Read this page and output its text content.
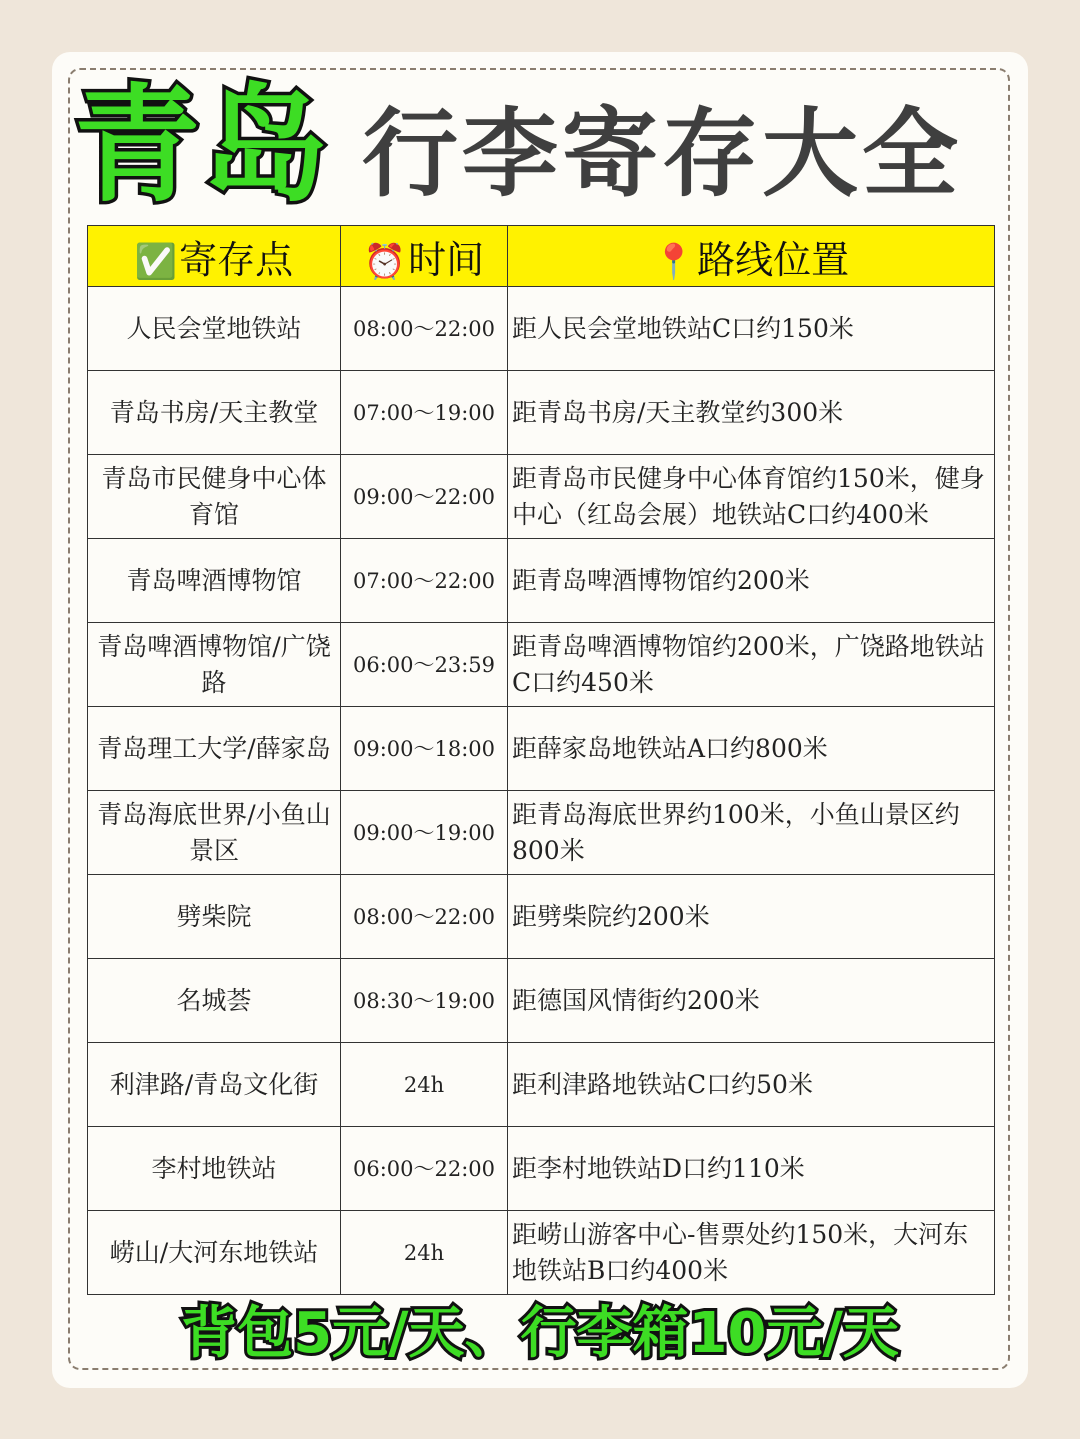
青岛 行李寄存大全
✅寄存点	⏰时间	📍路线位置
人民会堂地铁站	08:00～22:00	距人民会堂地铁站C口约150米
青岛书房/天主教堂	07:00～19:00	距青岛书房/天主教堂约300米
青岛市民健身中心体育馆	09:00～22:00	距青岛市民健身中心体育馆约150米，健身中心（红岛会展）地铁站C口约400米
青岛啤酒博物馆	07:00～22:00	距青岛啤酒博物馆约200米
青岛啤酒博物馆/广饶路	06:00～23:59	距青岛啤酒博物馆约200米，广饶路地铁站C口约450米
青岛理工大学/薛家岛	09:00～18:00	距薛家岛地铁站A口约800米
青岛海底世界/小鱼山景区	09:00～19:00	距青岛海底世界约100米，小鱼山景区约800米
劈柴院	08:00～22:00	距劈柴院约200米
名城荟	08:30～19:00	距德国风情街约200米
利津路/青岛文化街	24h	距利津路地铁站C口约50米
李村地铁站	06:00～22:00	距李村地铁站D口约110米
崂山/大河东地铁站	24h	距崂山游客中心-售票处约150米，大河东地铁站B口约400米
背包5元/天、行李箱10元/天
